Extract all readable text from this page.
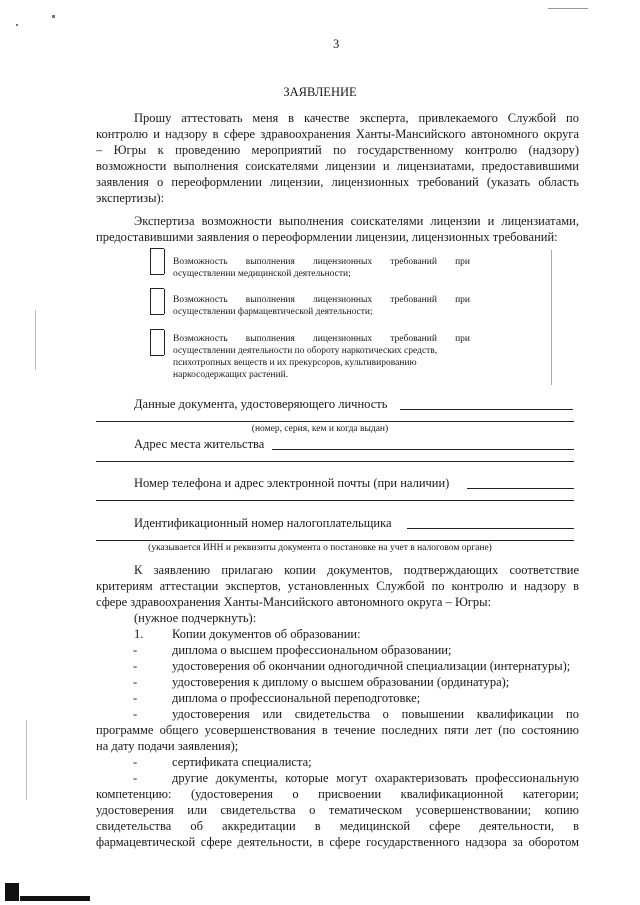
3
ЗАЯВЛЕНИЕ
Прошу аттестовать меня в качестве эксперта, привлекаемого Службой по
контролю и надзору в сфере здравоохранения Ханты-Мансийского автономного округа
– Югры к проведению мероприятий по государственному контролю (надзору)
возможности выполнения соискателями лицензии и лицензиатами, предоставившими
заявления о переоформлении лицензии, лицензионных требований (указать область
экспертизы):
Экспертиза возможности выполнения соискателями лицензии и лицензиатами,
предоставившими заявления о переоформлении лицензии, лицензионных требований:
Возможность выполнения лицензионных требований при
осуществлении медицинской деятельности;
Возможность выполнения лицензионных требований при
осуществлении фармацевтической деятельности;
Возможность выполнения лицензионных требований при
осуществлении деятельности по обороту наркотических средств,
психотропных веществ и их прекурсоров, культивированию
наркосодержащих растений.
Данные документа, удостоверяющего личность
(номер, серия, кем и когда выдан)
Адрес места жительства
Номер телефона и адрес электронной почты (при наличии)
Идентификационный номер налогоплательщика
(указывается ИНН и реквизиты документа о постановке на учет в налоговом органе)
К заявлению прилагаю копии документов, подтверждающих соответствие
критериям аттестации экспертов, установленных Службой по контролю и надзору в
сфере здравоохранения Ханты-Мансийского автономного округа – Югры:
(нужное подчеркнуть):
1. Копии документов об образовании:
-	диплома о высшем профессиональном образовании;
-	удостоверения об окончании одногодичной специализации (интернатуры);
-	удостоверения к диплому о высшем образовании (ординатура);
-	диплома о профессиональной переподготовке;
-	удостоверения или свидетельства о повышении квалификации по
программе общего усовершенствования в течение последних пяти лет (по состоянию
на дату подачи заявления);
-	сертификата специалиста;
-	другие документы, которые могут охарактеризовать профессиональную
компетенцию: (удостоверения о присвоении квалификационной категории;
удостоверения или свидетельства о тематическом усовершенствовании; копию
свидетельства об аккредитации в медицинской сфере деятельности, в
фармацевтической сфере деятельности, в сфере государственного надзора за оборотом
